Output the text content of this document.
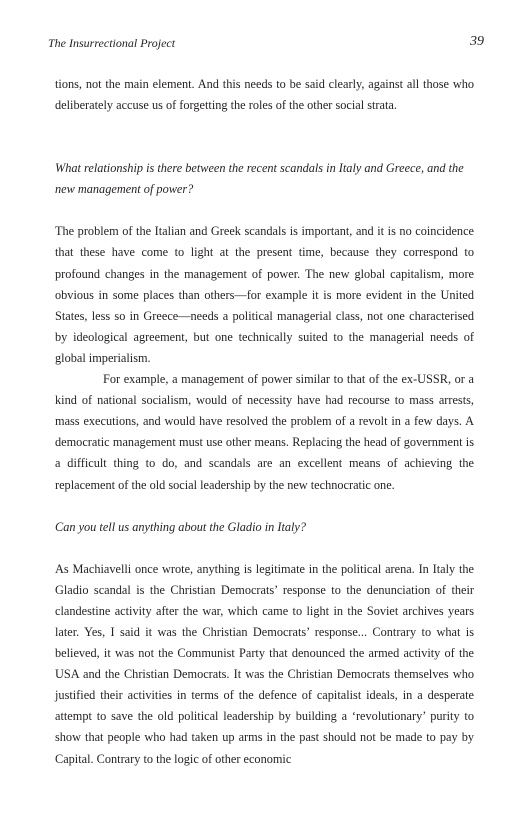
The Insurrectional Project	39

tions, not the main element. And this needs to be said clearly, against all those who deliberately accuse us of forgetting the roles of the other social strata.

What relationship is there between the recent scandals in Italy and Greece, and the new management of power?

The problem of the Italian and Greek scandals is important, and it is no coincidence that these have come to light at the present time, because they correspond to profound changes in the management of power. The new global capitalism, more obvious in some places than others—for example it is more evident in the United States, less so in Greece—needs a political managerial class, not one characterised by ideological agreement, but one technically suited to the managerial needs of global imperialism.

For example, a management of power similar to that of the ex-USSR, or a kind of national socialism, would of necessity have had recourse to mass arrests, mass executions, and would have resolved the problem of a revolt in a few days. A democratic management must use other means. Replacing the head of government is a difficult thing to do, and scandals are an excellent means of achieving the replacement of the old social leadership by the new technocratic one.

Can you tell us anything about the Gladio in Italy?

As Machiavelli once wrote, anything is legitimate in the political arena. In Italy the Gladio scandal is the Christian Democrats’ response to the denunciation of their clandestine activity after the war, which came to light in the Soviet archives years later. Yes, I said it was the Christian Democrats’ response... Contrary to what is believed, it was not the Communist Party that denounced the armed activity of the USA and the Christian Democrats. It was the Christian Democrats themselves who justified their activities in terms of the defence of capitalist ideals, in a desperate attempt to save the old political leadership by building a ‘revolutionary’ purity to show that people who had taken up arms in the past should not be made to pay by Capital. Contrary to the logic of other economic
